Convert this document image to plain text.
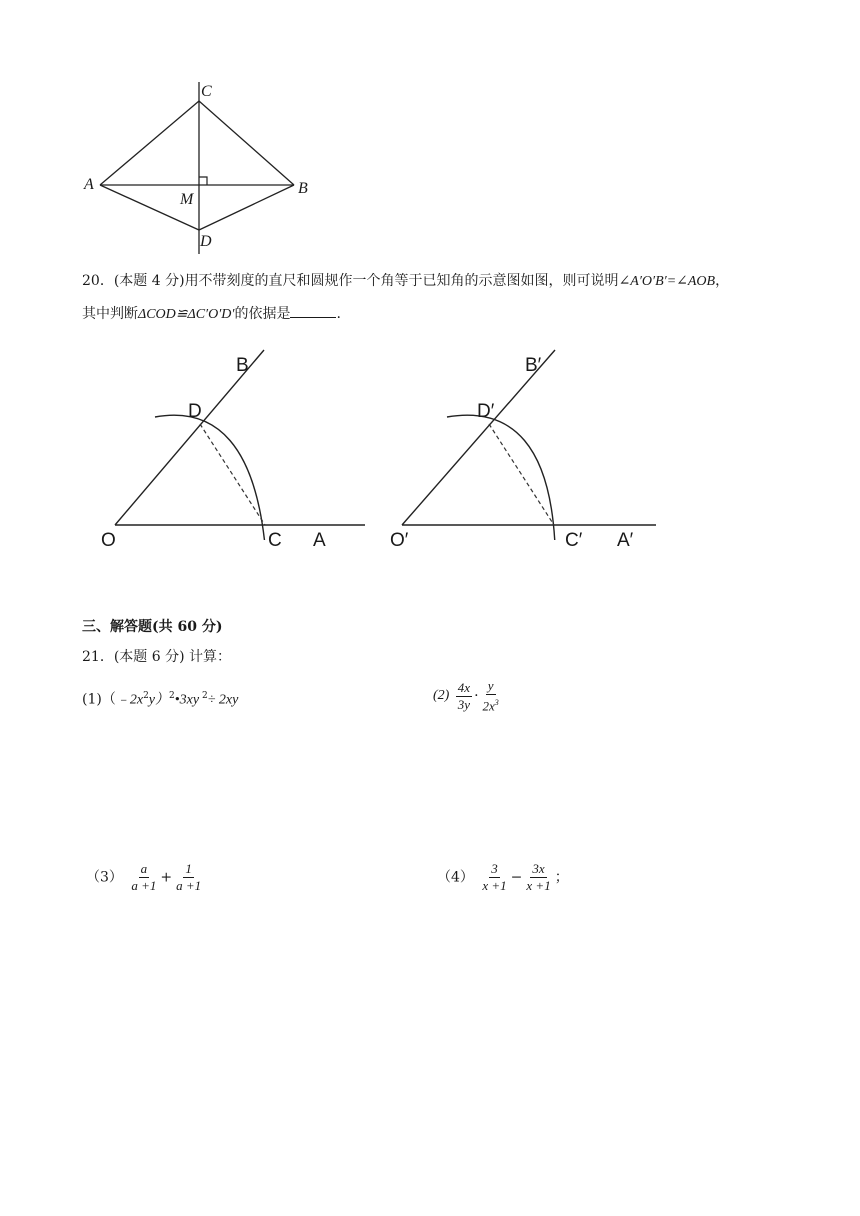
C
A
M
B
D
20．(本题 4 分)用不带刻度的直尺和圆规作一个角等于已知角的示意图如图，则可说明∠A′O′B′=∠AOB，
其中判断ΔCOD≌ΔC′O′D′的依据是	.
B
D
O	C A
B′
D′
O′	C′ A′
三、解答题(共 60 分)
21．(本题 6 分) 计算：
$(1)(﹣2x^2y)^2•3xy$ $^2$÷ 2xy	$(2) \frac{4x}{3y} \cdot \frac{y}{2x^3}$
$(3) \frac{a}{a +1} + \frac{1}{a +1}$	$(4) \frac{3}{x +1} - \frac{3x}{x +1}$ ；
